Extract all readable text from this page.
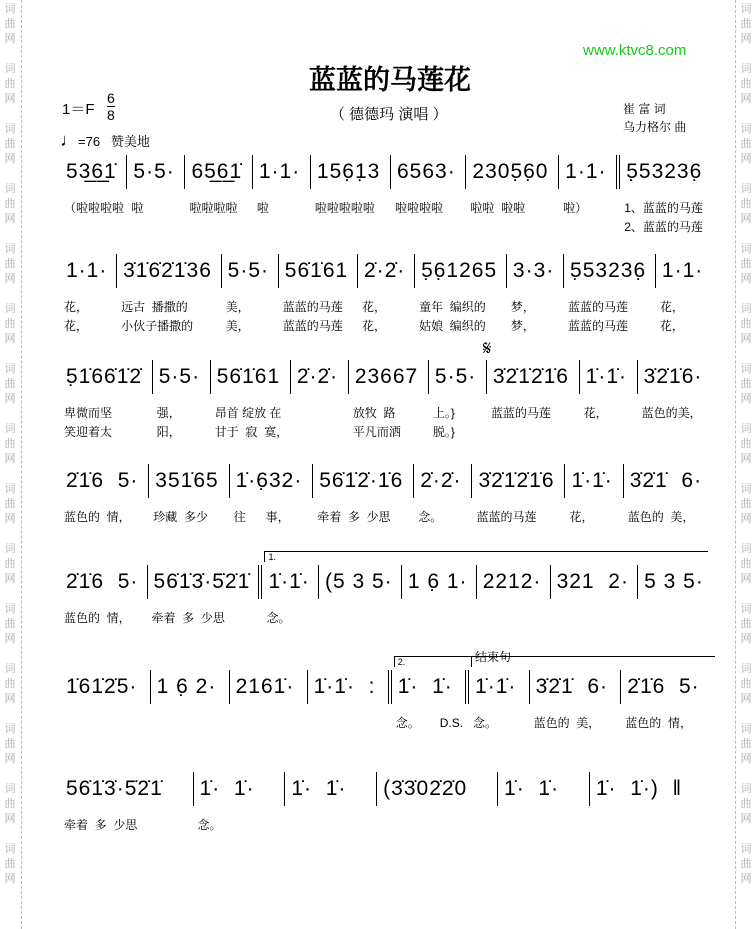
词
曲
网

词
曲
网

词
曲
网

词
曲
网

词
曲
网

词
曲
网

词
曲
网

词
曲
网

词
曲
网

词
曲
网

词
曲
网

词
曲
网

词
曲
网

词
曲
网

词
曲
网
词
曲
网

词
曲
网

词
曲
网

词
曲
网

词
曲
网

词
曲
网

词
曲
网

词
曲
网

词
曲
网

词
曲
网

词
曲
网

词
曲
网

词
曲
网

词
曲
网

词
曲
网
www.ktvc8.com
蓝蓝的马莲花
1＝F
6
8	（ 德德玛 演唱 ）	崔 富 词
乌力格尔 曲
♩=76 赞美地
53̲6̲1̇
（啦啦啦啦
5·5·
啦
65̲6̲1̇
啦啦啦啦
1·1·
啦
156̣1̣3
啦啦啦啦啦
6563·
啦啦啦啦
2305̣6̣0
啦啦  啦啦
1·1·
啦）
5̣53236̣
1、蓝蓝的马莲
2、蓝蓝的马莲
1·1·
花，
花，
3̇1̇6̇2̇1̇36
远古  播撒的
小伙子播撒的
5·5·
美，
美，
56̇1̇61
蓝蓝的马莲
蓝蓝的马莲
2̇·2̇·
花，
花，
5̣6̣1265
童年  编织的
姑娘  编织的
3·3·
梦，
梦，
5̣53236̣
蓝蓝的马莲
蓝蓝的马莲
1·1·
花，
花，
5̣1̇66̇1̇2̇
卑微而坚
笑迎着太
5·5·
强，
阳，
56̇1̇61
昂首 绽放 在
甘于  寂  寞，
2̇·2̇· 23667
放牧  路
平凡而洒
5·5·
上。}
脱。}
3̇2̇1̇2̇1̇6
蓝蓝的马莲
𝄋
1̇·1̇·
花，
3̇2̇1̇6·
蓝色的美，
2̇1̇6  5·
蓝色的  情，
351̇65
珍藏  多少
1̇·6̣32·
往      事，
56̇1̇2̇·1̇6
牵着  多  少思
2̇·2̇·
念。
3̇2̇1̇2̇1̇6
蓝蓝的马莲
1̇·1̇·
花，
3̇2̇1̇  6·
蓝色的  美，
2̇1̇6  5·
蓝色的  情，
56̇1̇3̇·5̇2̇1̇
牵着  多  少思
1̇·1̇·
念。
1.
(5 3 5· 1 6̣ 1· 2212· 321  2· 5 3 5·
1̇61̇2̇5· 1 6̣ 2· 2161̇· 1̇·1̇·  : 1̇·  1̇·
念。      D.S.
2.
1̇·1̇·
念。
结束句
3̇2̇1̇  6·
蓝色的  美，
2̇1̇6  5·
蓝色的  情，
56̇1̇3̇·5̇2̇1̇
牵着  多  少思
1̇·  1̇·
念。
1̇·  1̇·	(3̇3̇02̇2̇0	1̇·  1̇·	1̇·  1̇·)  ‖
